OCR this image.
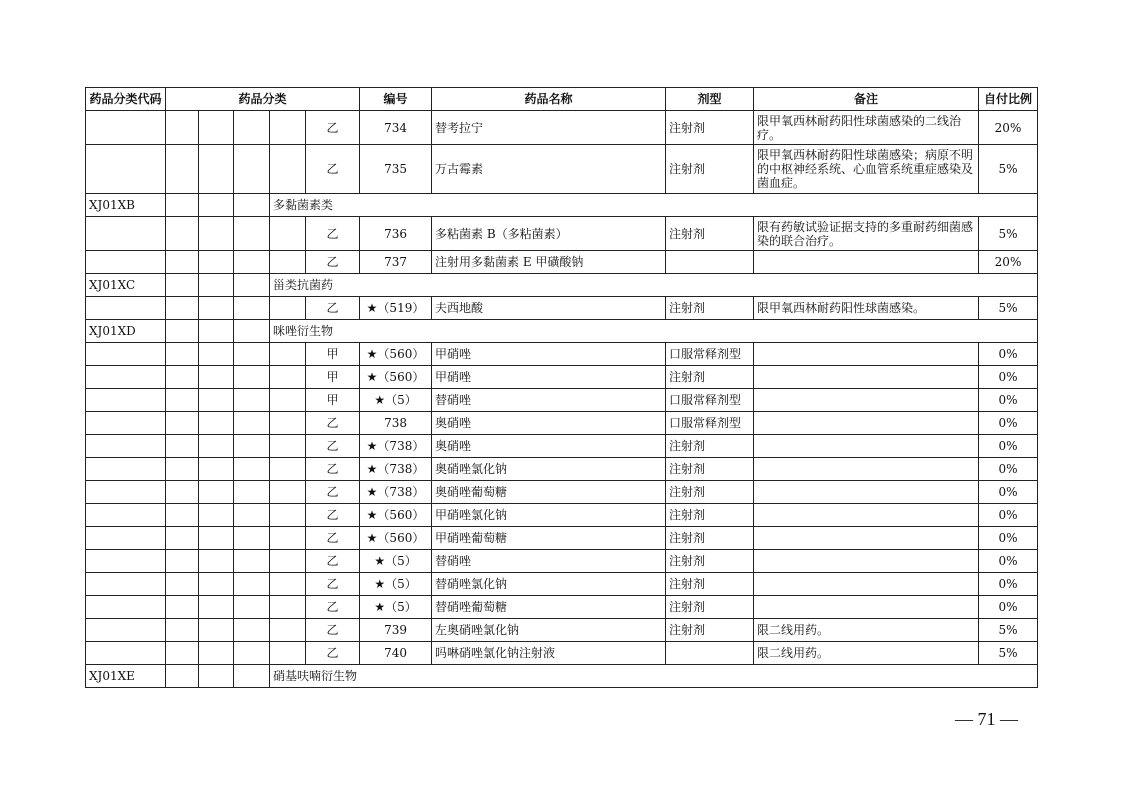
药品分类代码	药品分类					编号	药品名称	剂型	备注	自付比例
					乙	734	替考拉宁	注射剂	限甲氧西林耐药阳性球菌感染的二线治疗。	20%
					乙	735	万古霉素	注射剂	限甲氧西林耐药阳性球菌感染；病原不明的中枢神经系统、心血管系统重症感染及菌血症。	5%
XJ01XB				多黏菌素类						
					乙	736	多粘菌素 B（多粘菌素）	注射剂	限有药敏试验证据支持的多重耐药细菌感染的联合治疗。	5%
					乙	737	注射用多黏菌素 E 甲磺酸钠			20%
XJ01XC				甾类抗菌药						
					乙	★（519）	夫西地酸	注射剂	限甲氧西林耐药阳性球菌感染。	5%
XJ01XD				咪唑衍生物						
					甲	★（560）	甲硝唑	口服常释剂型		0%
					甲	★（560）	甲硝唑	注射剂		0%
					甲	★（5）	替硝唑	口服常释剂型		0%
					乙	738	奥硝唑	口服常释剂型		0%
					乙	★（738）	奥硝唑	注射剂		0%
					乙	★（738）	奥硝唑氯化钠	注射剂		0%
					乙	★（738）	奥硝唑葡萄糖	注射剂		0%
					乙	★（560）	甲硝唑氯化钠	注射剂		0%
					乙	★（560）	甲硝唑葡萄糖	注射剂		0%
					乙	★（5）	替硝唑	注射剂		0%
					乙	★（5）	替硝唑氯化钠	注射剂		0%
					乙	★（5）	替硝唑葡萄糖	注射剂		0%
					乙	739	左奥硝唑氯化钠	注射剂	限二线用药。	5%
					乙	740	吗啉硝唑氯化钠注射液		限二线用药。	5%
XJ01XE				硝基呋喃衍生物						
— 71 —
